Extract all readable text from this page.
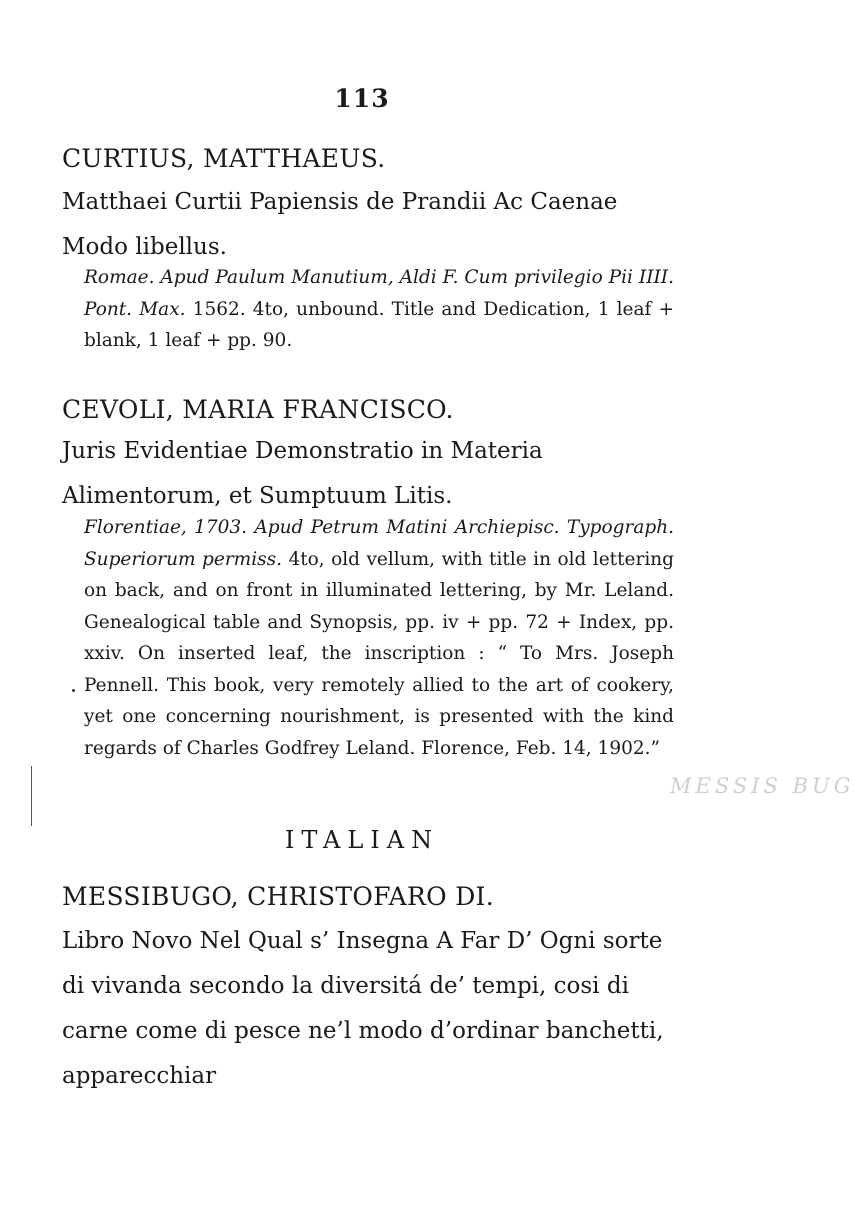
113
CURTIUS, MATTHAEUS.
Matthaei Curtii Papiensis de Prandii Ac Caenae Modo libellus.
Romae. Apud Paulum Manutium, Aldi F. Cum privilegio Pii IIII. Pont. Max. 1562. 4to, unbound. Title and Dedication, 1 leaf + blank, 1 leaf + pp. 90.
CEVOLI, MARIA FRANCISCO.
Juris Evidentiae Demonstratio in Materia Alimentorum, et Sumptuum Litis.
Florentiae, 1703. Apud Petrum Matini Archiepisc. Typograph. Superiorum permiss. 4to, old vellum, with title in old lettering on back, and on front in illuminated lettering, by Mr. Leland. Genealogical table and Synopsis, pp. iv + pp. 72 + Index, pp. xxiv. On inserted leaf, the inscription : “ To Mrs. Joseph Pennell. This book, very remotely allied to the art of cookery, yet one concerning nourishment, is presented with the kind regards of Charles Godfrey Leland. Florence, Feb. 14, 1902.”
ITALIAN
MESSIBUGO, CHRISTOFARO DI.
Libro Novo Nel Qual s’ Insegna A Far D’ Ogni sorte di vivanda secondo la diversitá de’ tempi, cosi di carne come di pesce ne’l modo d’ordinar banchetti, apparecchiar
MESSIS BUG
